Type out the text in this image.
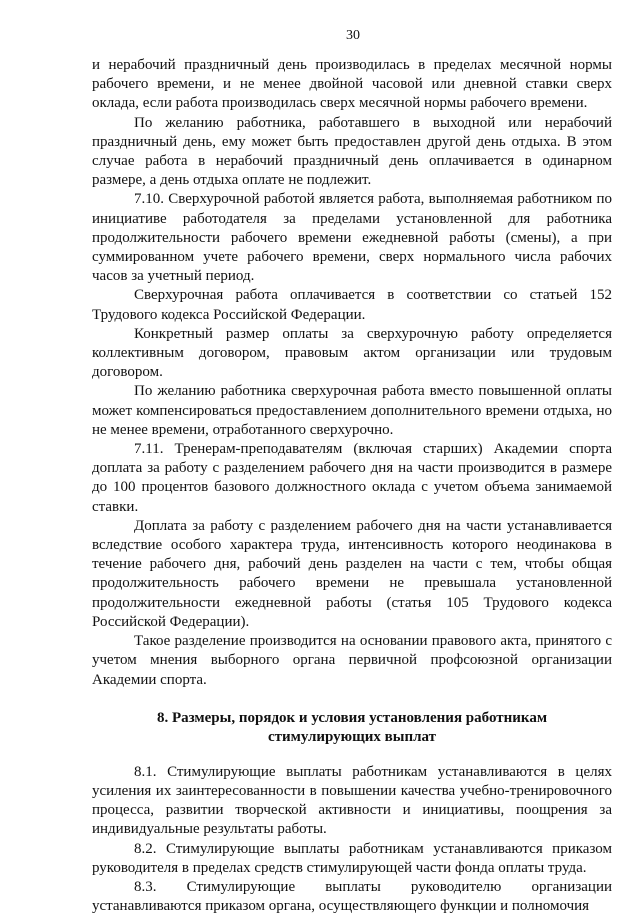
30

и нерабочий праздничный день производилась в пределах месячной нормы рабочего времени, и не менее двойной часовой или дневной ставки сверх оклада, если работа производилась сверх месячной нормы рабочего времени.

По желанию работника, работавшего в выходной или нерабочий праздничный день, ему может быть предоставлен другой день отдыха. В этом случае работа в нерабочий праздничный день оплачивается в одинарном размере, а день отдыха оплате не подлежит.

7.10. Сверхурочной работой является работа, выполняемая работником по инициативе работодателя за пределами установленной для работника продолжительности рабочего времени ежедневной работы (смены), а при суммированном учете рабочего времени, сверх нормального числа рабочих часов за учетный период.

Сверхурочная работа оплачивается в соответствии со статьей 152 Трудового кодекса Российской Федерации.

Конкретный размер оплаты за сверхурочную работу определяется коллективным договором, правовым актом организации или трудовым договором.

По желанию работника сверхурочная работа вместо повышенной оплаты может компенсироваться предоставлением дополнительного времени отдыха, но не менее времени, отработанного сверхурочно.

7.11. Тренерам-преподавателям (включая старших) Академии спорта доплата за работу с разделением рабочего дня на части производится в размере до 100 процентов базового должностного оклада с учетом объема занимаемой ставки.

Доплата за работу с разделением рабочего дня на части устанавливается вследствие особого характера труда, интенсивность которого неодинакова в течение рабочего дня, рабочий день разделен на части с тем, чтобы общая продолжительность рабочего времени не превышала установленной продолжительности ежедневной работы (статья 105 Трудового кодекса Российской Федерации).

Такое разделение производится на основании правового акта, принятого с учетом мнения выборного органа первичной профсоюзной организации Академии спорта.

8. Размеры, порядок и условия установления работникам
стимулирующих выплат

8.1. Стимулирующие выплаты работникам устанавливаются в целях усиления их заинтересованности в повышении качества учебно-тренировочного процесса, развитии творческой активности и инициативы, поощрения за индивидуальные результаты работы.

8.2. Стимулирующие выплаты работникам устанавливаются приказом руководителя в пределах средств стимулирующей части фонда оплаты труда.

8.3. Стимулирующие выплаты руководителю организации устанавливаются приказом органа, осуществляющего функции и полномочия
